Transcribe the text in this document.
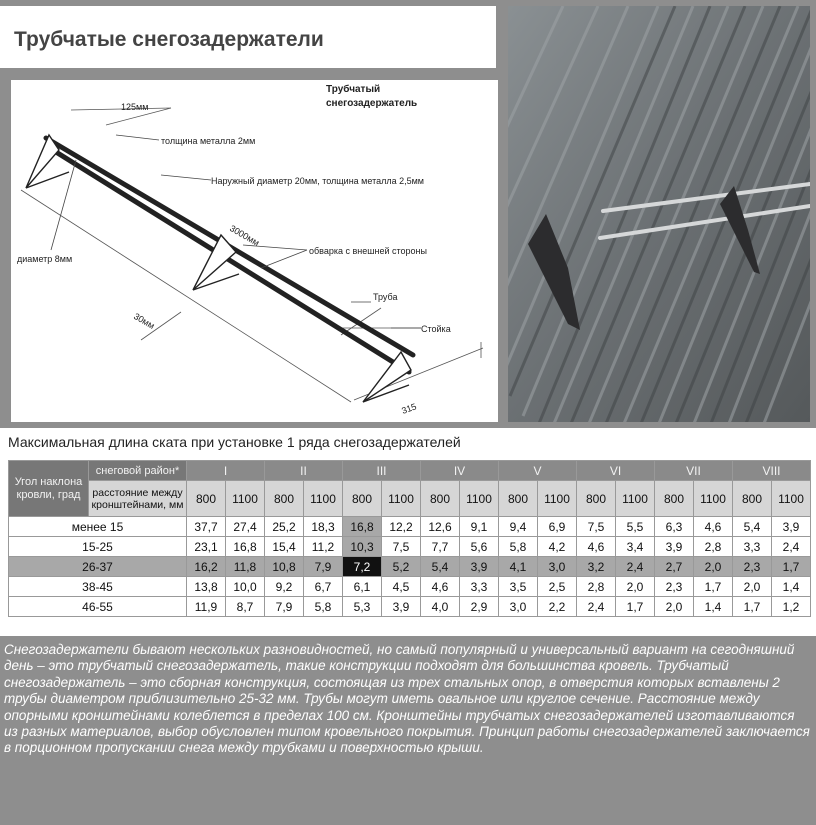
Трубчатые снегозадержатели
Трубчатый
снегозадержатель
125мм
толщина металла 2мм
Наружный диаметр 20мм, толщина металла 2,5мм
3000мм
диаметр 8мм
обварка с внешней стороны
30мм
Труба
Стойка
315
Максимальная длина ската при установке 1 ряда снегозадержателей
Угол наклона кровли, град	снеговой район*	I		II		III		IV		V		VI		VII		VIII	
	расстояние между кронштейнами, мм	800	1100	800	1100	800	1100	800	1100	800	1100	800	1100	800	1100	800	1100
менее 15		37,7	27,4	25,2	18,3	16,8	12,2	12,6	9,1	9,4	6,9	7,5	5,5	6,3	4,6	5,4	3,9
15-25		23,1	16,8	15,4	11,2	10,3	7,5	7,7	5,6	5,8	4,2	4,6	3,4	3,9	2,8	3,3	2,4
26-37		16,2	11,8	10,8	7,9	7,2	5,2	5,4	3,9	4,1	3,0	3,2	2,4	2,7	2,0	2,3	1,7
38-45		13,8	10,0	9,2	6,7	6,1	4,5	4,6	3,3	3,5	2,5	2,8	2,0	2,3	1,7	2,0	1,4
46-55		11,9	8,7	7,9	5,8	5,3	3,9	4,0	2,9	3,0	2,2	2,4	1,7	2,0	1,4	1,7	1,2
Снегозадержатели бывают нескольких разновидностей, но самый популярный и универсальный вариант на сегодняшний день – это трубчатый снегозадержатель, такие конструкции подходят для большинства кровель. Трубчатый снегозадержатель – это сборная конструкция, состоящая из трех стальных опор, в отверстия которых вставлены 2 трубы диаметром приблизительно 25-32 мм. Трубы могут иметь овальное или круглое сечение. Расстояние между опорными кронштейнами колеблется в пределах 100 см. Кронштейны трубчатых снегозадержателей изготавливаются из разных материалов, выбор обусловлен типом кровельного покрытия. Принцип работы снегозадержателей заключается в порционном пропускании снега между трубками и поверхностью крыши.
